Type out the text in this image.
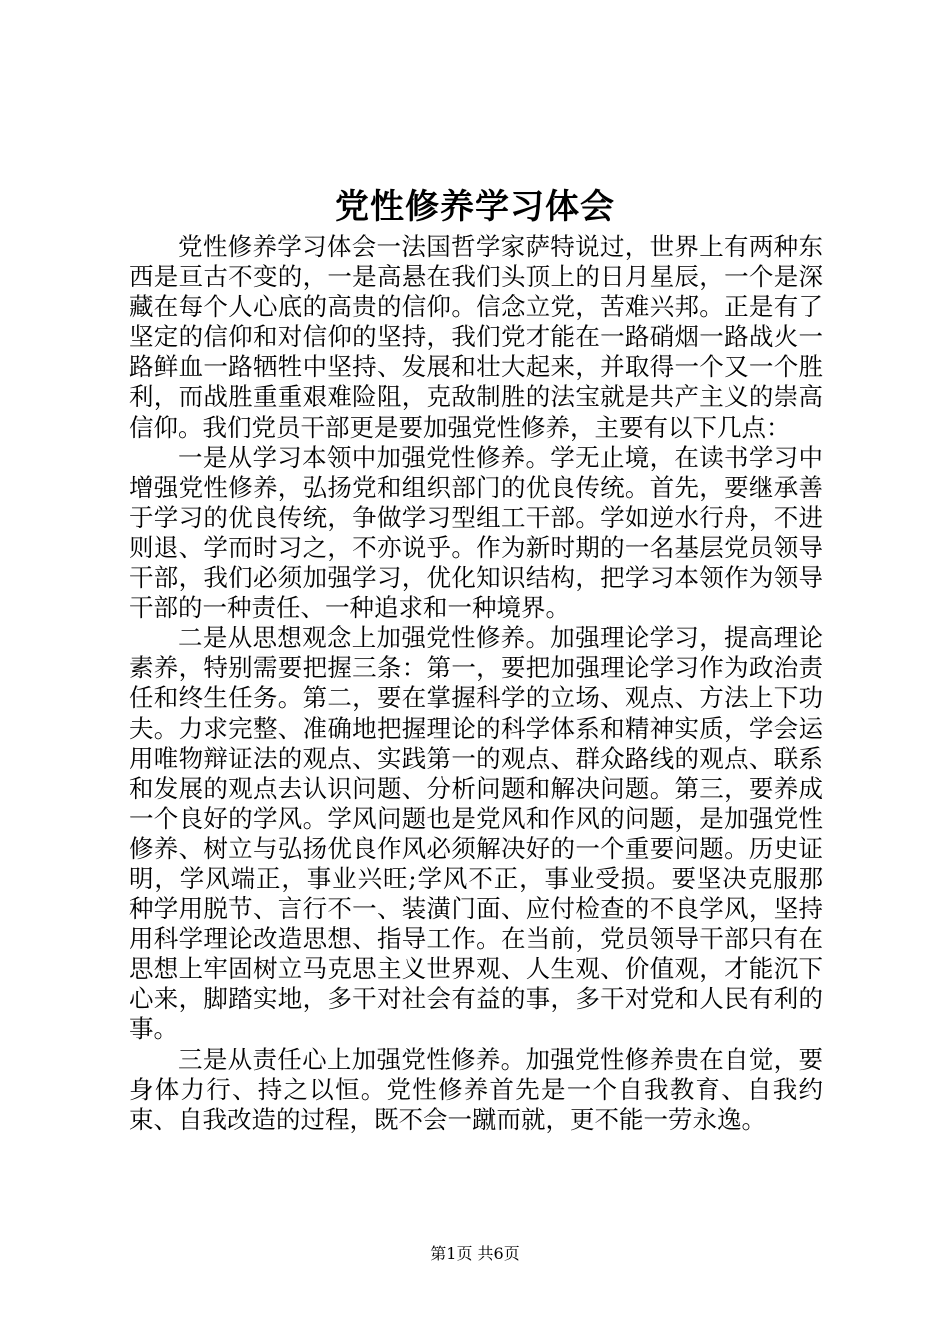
党性修养学习体会

党性修养学习体会一法国哲学家萨特说过，世界上有两种东西是亘古不变的，一是高悬在我们头顶上的日月星辰，一个是深藏在每个人心底的高贵的信仰。信念立党，苦难兴邦。正是有了坚定的信仰和对信仰的坚持，我们党才能在一路硝烟一路战火一路鲜血一路牺牲中坚持、发展和壮大起来，并取得一个又一个胜利，而战胜重重艰难险阻，克敌制胜的法宝就是共产主义的崇高信仰。我们党员干部更是要加强党性修养，主要有以下几点：

一是从学习本领中加强党性修养。学无止境，在读书学习中增强党性修养，弘扬党和组织部门的优良传统。首先，要继承善于学习的优良传统，争做学习型组工干部。学如逆水行舟，不进则退、学而时习之，不亦说乎。作为新时期的一名基层党员领导干部，我们必须加强学习，优化知识结构，把学习本领作为领导干部的一种责任、一种追求和一种境界。

二是从思想观念上加强党性修养。加强理论学习，提高理论素养，特别需要把握三条：第一，要把加强理论学习作为政治责任和终生任务。第二，要在掌握科学的立场、观点、方法上下功夫。力求完整、准确地把握理论的科学体系和精神实质，学会运用唯物辩证法的观点、实践第一的观点、群众路线的观点、联系和发展的观点去认识问题、分析问题和解决问题。第三，要养成一个良好的学风。学风问题也是党风和作风的问题，是加强党性修养、树立与弘扬优良作风必须解决好的一个重要问题。历史证明，学风端正，事业兴旺;学风不正，事业受损。要坚决克服那种学用脱节、言行不一、装潢门面、应付检查的不良学风，坚持用科学理论改造思想、指导工作。在当前，党员领导干部只有在思想上牢固树立马克思主义世界观、人生观、价值观，才能沉下心来，脚踏实地，多干对社会有益的事，多干对党和人民有利的事。

三是从责任心上加强党性修养。加强党性修养贵在自觉，要身体力行、持之以恒。党性修养首先是一个自我教育、自我约束、自我改造的过程，既不会一蹴而就，更不能一劳永逸。

第1页 共6页
